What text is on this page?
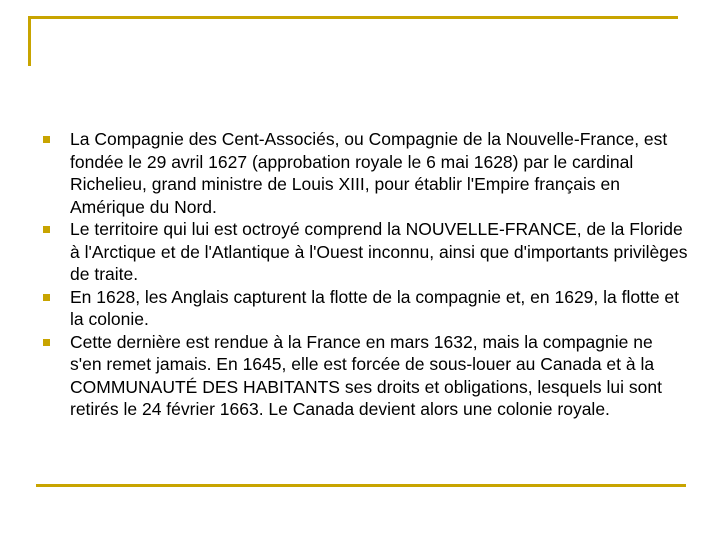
La Compagnie des Cent-Associés, ou Compagnie de la Nouvelle-France, est fondée le 29 avril 1627 (approbation royale le 6 mai 1628) par le cardinal Richelieu, grand ministre de Louis XIII, pour établir l'Empire français en Amérique du Nord.
Le territoire qui lui est octroyé comprend la NOUVELLE-FRANCE, de la Floride à l'Arctique et de l'Atlantique à l'Ouest inconnu, ainsi que d'importants privilèges de traite.
En 1628, les Anglais capturent la flotte de la compagnie et, en 1629, la flotte et la colonie.
Cette dernière est rendue à la France en mars 1632, mais la compagnie ne s'en remet jamais. En 1645, elle est forcée de sous-louer au Canada et à la COMMUNAUTÉ DES HABITANTS ses droits et obligations, lesquels lui sont retirés le 24 février 1663. Le Canada devient alors une colonie royale.
